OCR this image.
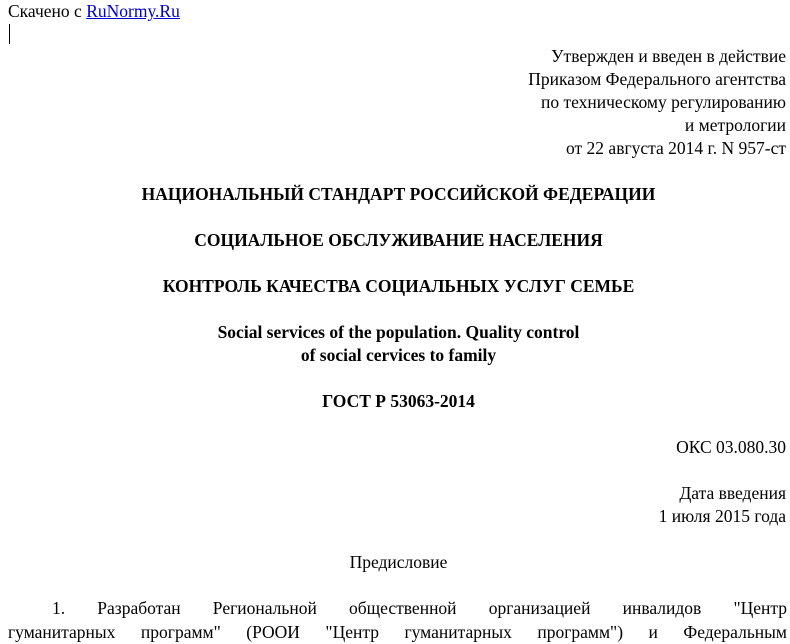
Скачено с RuNormy.Ru
Утвержден и введен в действие
Приказом Федерального агентства
по техническому регулированию
и метрологии
от 22 августа 2014 г. N 957-ст
НАЦИОНАЛЬНЫЙ СТАНДАРТ РОССИЙСКОЙ ФЕДЕРАЦИИ
СОЦИАЛЬНОЕ ОБСЛУЖИВАНИЕ НАСЕЛЕНИЯ
КОНТРОЛЬ КАЧЕСТВА СОЦИАЛЬНЫХ УСЛУГ СЕМЬЕ
Social services of the population. Quality control
of social cervices to family
ГОСТ Р 53063-2014
ОКС 03.080.30
Дата введения
1 июля 2015 года
Предисловие
1. Разработан Региональной общественной организацией инвалидов "Центр
гуманитарных программ" (РООИ "Центр гуманитарных программ") и Федеральным
